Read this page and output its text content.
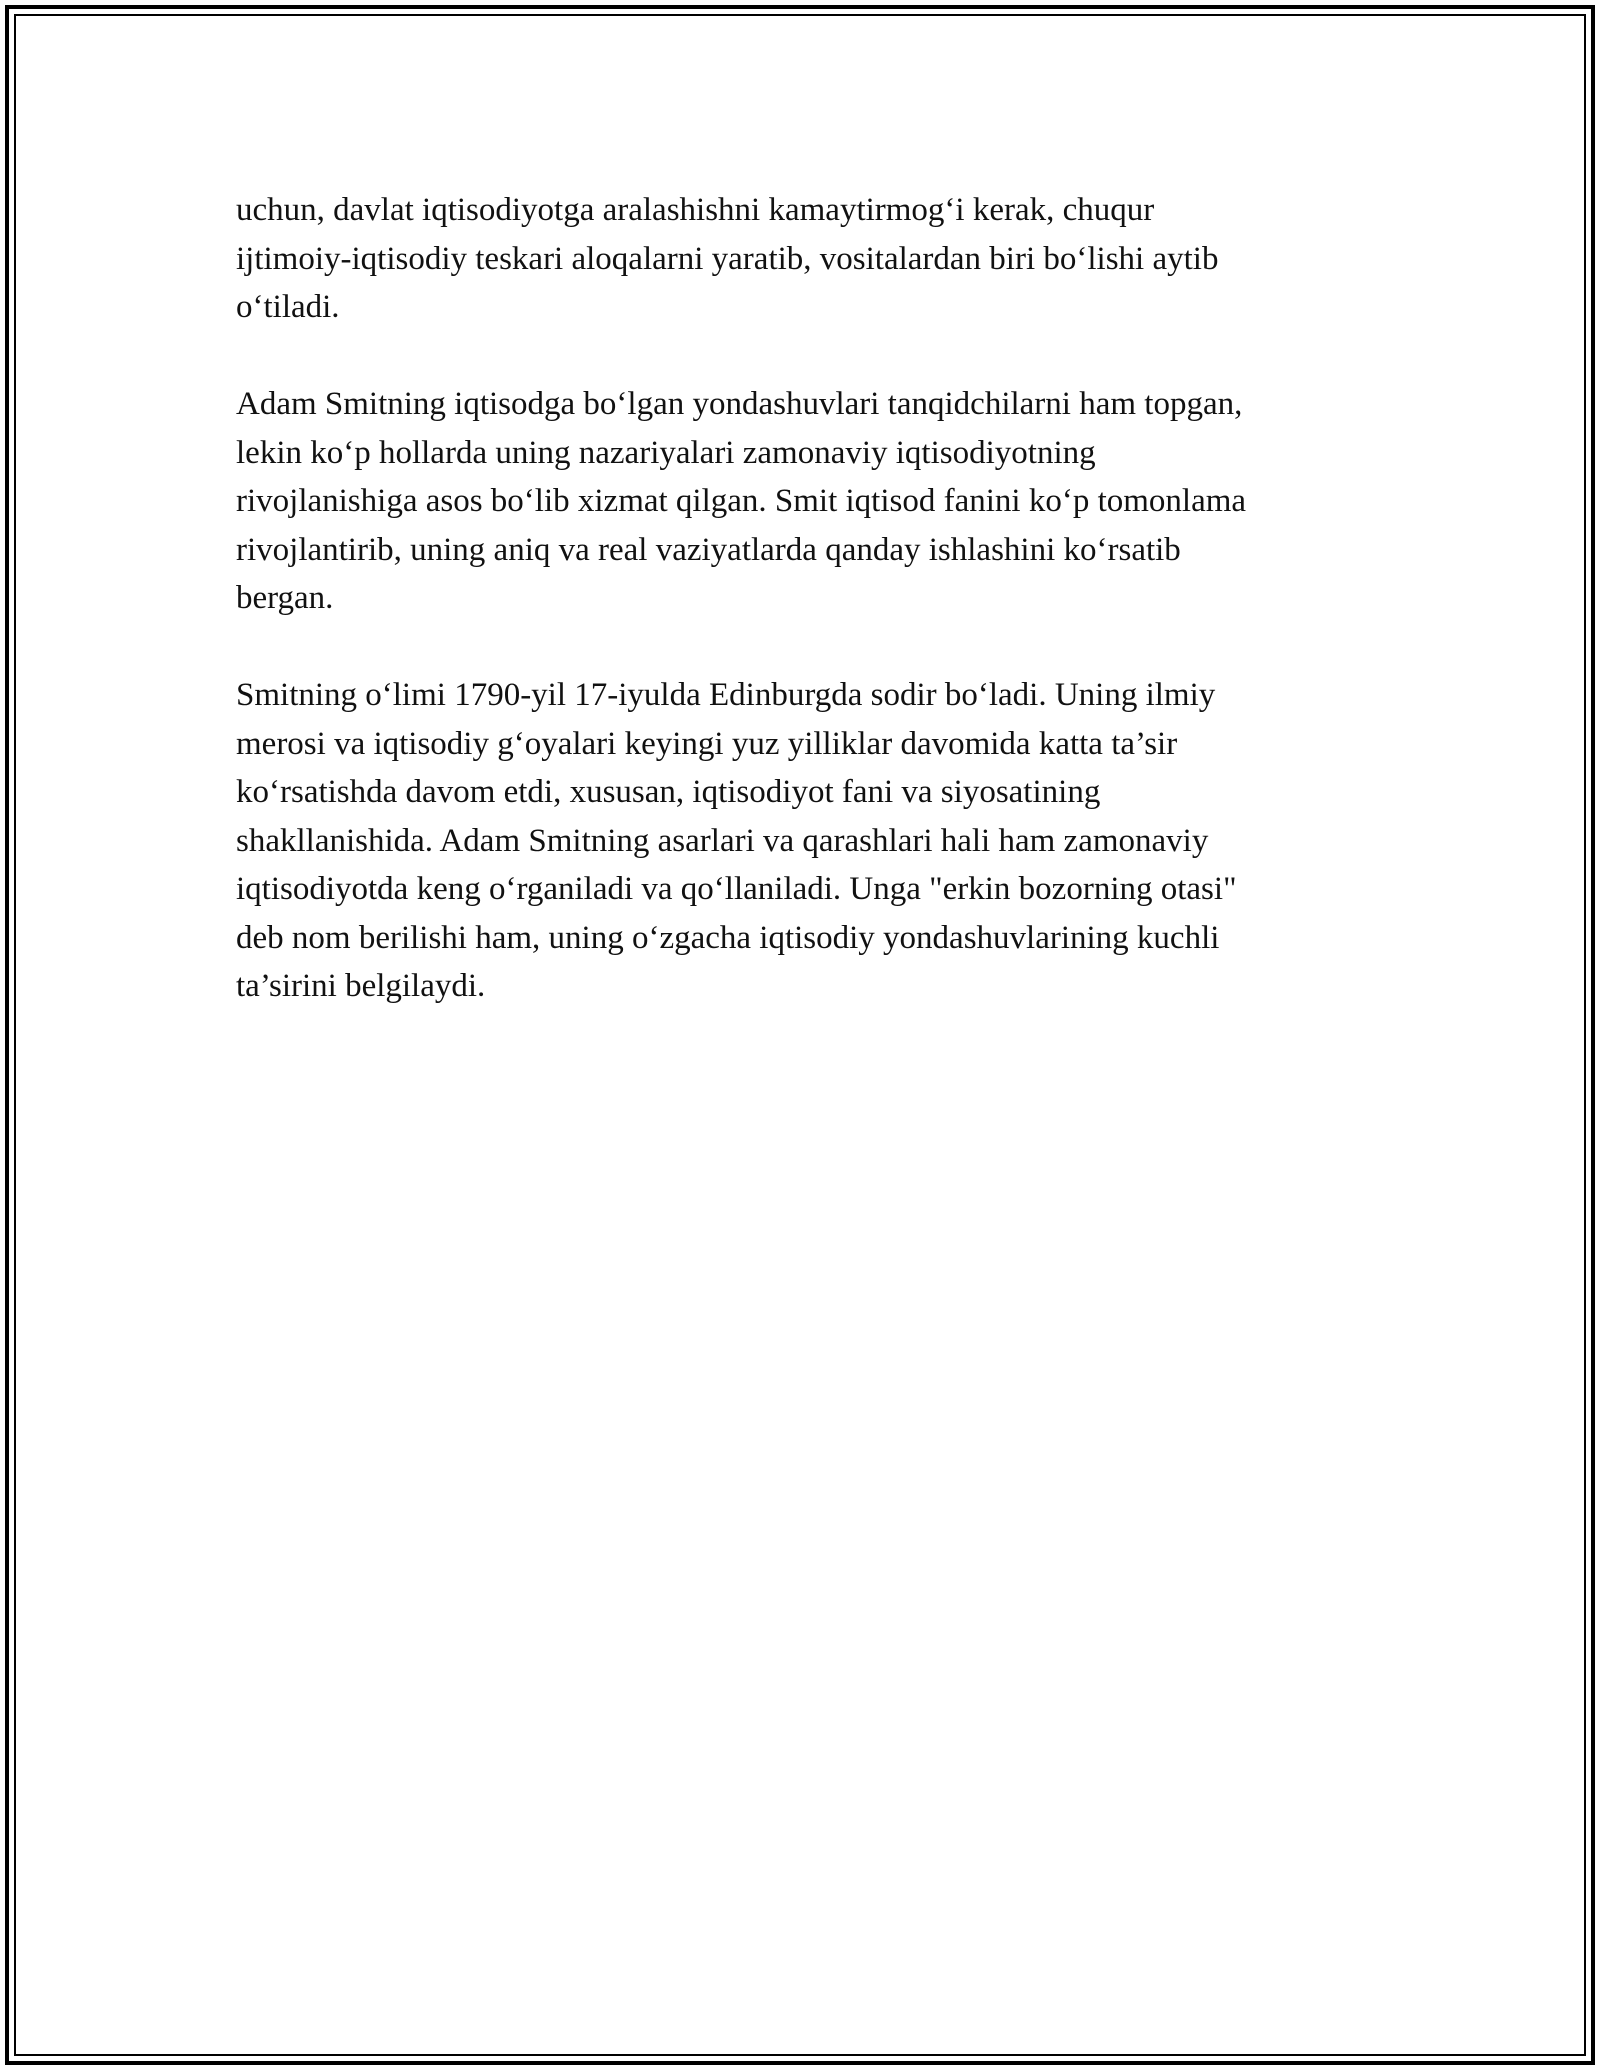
uchun, davlat iqtisodiyotga aralashishni kamaytirmog‘i kerak, chuqur
ijtimoiy-iqtisodiy teskari aloqalarni yaratib, vositalardan biri bo‘lishi aytib
o‘tiladi.

Adam Smitning iqtisodga bo‘lgan yondashuvlari tanqidchilarni ham topgan,
lekin ko‘p hollarda uning nazariyalari zamonaviy iqtisodiyotning
rivojlanishiga asos bo‘lib xizmat qilgan. Smit iqtisod fanini ko‘p tomonlama
rivojlantirib, uning aniq va real vaziyatlarda qanday ishlashini ko‘rsatib
bergan.

Smitning o‘limi 1790-yil 17-iyulda Edinburgda sodir bo‘ladi. Uning ilmiy
merosi va iqtisodiy g‘oyalari keyingi yuz yilliklar davomida katta ta’sir
ko‘rsatishda davom etdi, xususan, iqtisodiyot fani va siyosatining
shakllanishida. Adam Smitning asarlari va qarashlari hali ham zamonaviy
iqtisodiyotda keng o‘rganiladi va qo‘llaniladi. Unga "erkin bozorning otasi"
deb nom berilishi ham, uning o‘zgacha iqtisodiy yondashuvlarining kuchli
ta’sirini belgilaydi.
